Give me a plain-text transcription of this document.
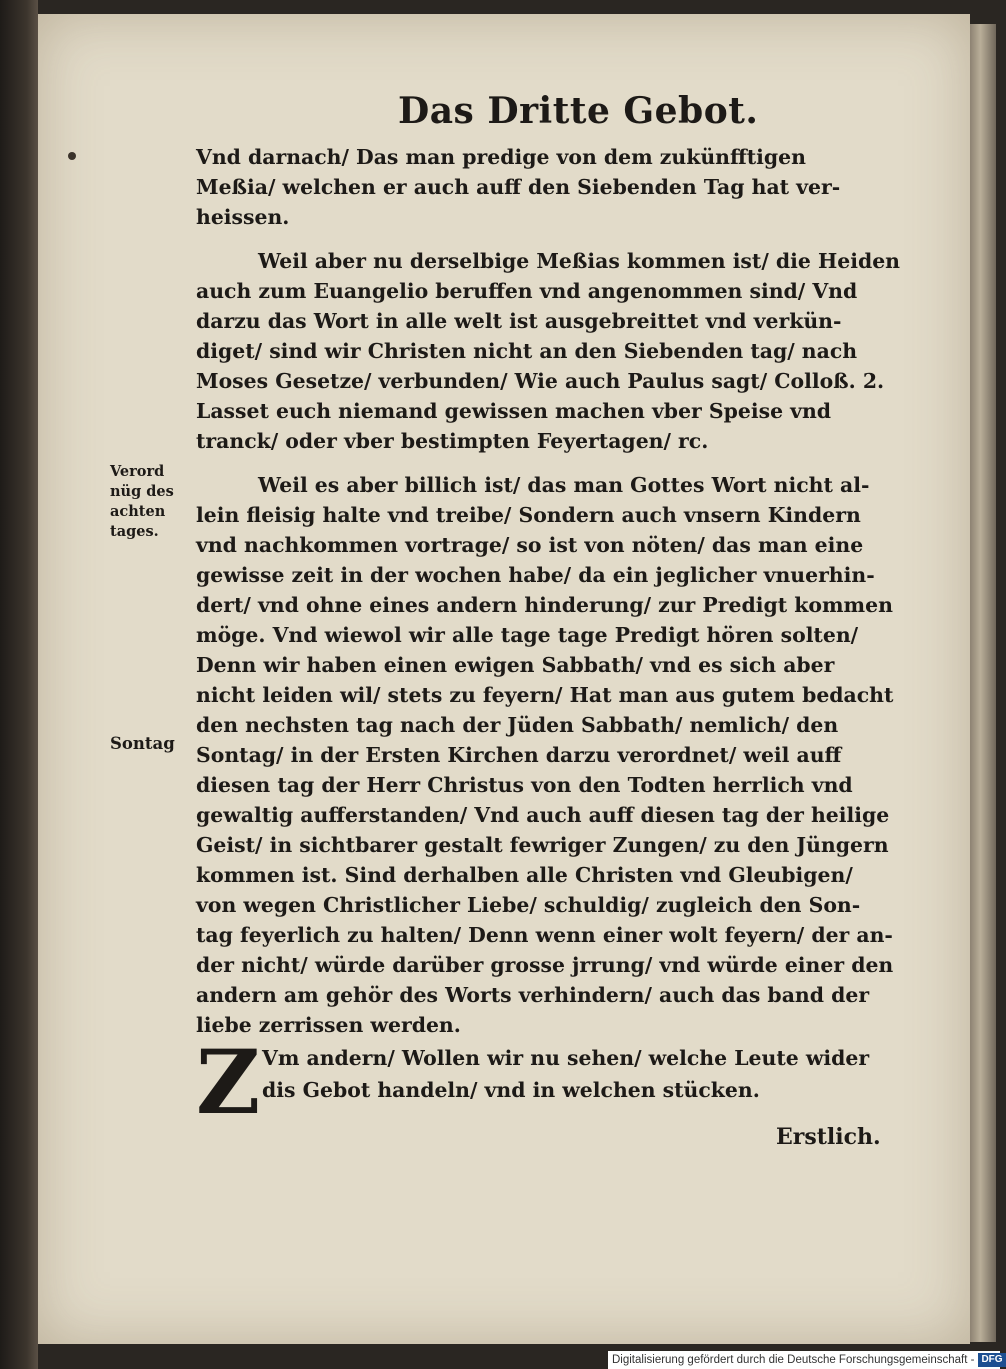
Das Dritte Gebot.
Vnd darnach/ Das man predige von dem zukünfftigen
Meßia/ welchen er auch auff den Siebenden Tag hat ver-
heissen.
Weil aber nu derselbige Meßias kommen ist/ die Heiden
auch zum Euangelio beruffen vnd angenommen sind/ Vnd
darzu das Wort in alle welt ist ausgebreittet vnd verkün-
diget/ sind wir Christen nicht an den Siebenden tag/ nach
Moses Gesetze/ verbunden/ Wie auch Paulus sagt/ Colloß. 2.
Lasset euch niemand gewissen machen vber Speise vnd
tranck/ oder vber bestimpten Feyertagen/ rc.
Weil es aber billich ist/ das man Gottes Wort nicht al-
lein fleisig halte vnd treibe/ Sondern auch vnsern Kindern
vnd nachkommen vortrage/ so ist von nöten/ das man eine
gewisse zeit in der wochen habe/ da ein jeglicher vnuerhin-
dert/ vnd ohne eines andern hinderung/ zur Predigt kommen
möge. Vnd wiewol wir alle tage tage Predigt hören solten/
Denn wir haben einen ewigen Sabbath/ vnd es sich aber
nicht leiden wil/ stets zu feyern/ Hat man aus gutem bedacht
den nechsten tag nach der Jüden Sabbath/ nemlich/ den
Sontag/ in der Ersten Kirchen darzu verordnet/ weil auff
diesen tag der Herr Christus von den Todten herrlich vnd
gewaltig aufferstanden/ Vnd auch auff diesen tag der heilige
Geist/ in sichtbarer gestalt fewriger Zungen/ zu den Jüngern
kommen ist. Sind derhalben alle Christen vnd Gleubigen/
von wegen Christlicher Liebe/ schuldig/ zugleich den Son-
tag feyerlich zu halten/ Denn wenn einer wolt feyern/ der an-
der nicht/ würde darüber grosse jrrung/ vnd würde einer den
andern am gehör des Worts verhindern/ auch das band der
liebe zerrissen werden.
Verord
nüg des
achten
tages.
Sontag
Z Vm andern/ Wollen wir nu sehen/ welche Leute wider
dis Gebot handeln/ vnd in welchen stücken.
Erstlich.
Digitalisierung gefördert durch die Deutsche Forschungsgemeinschaft - DFG
